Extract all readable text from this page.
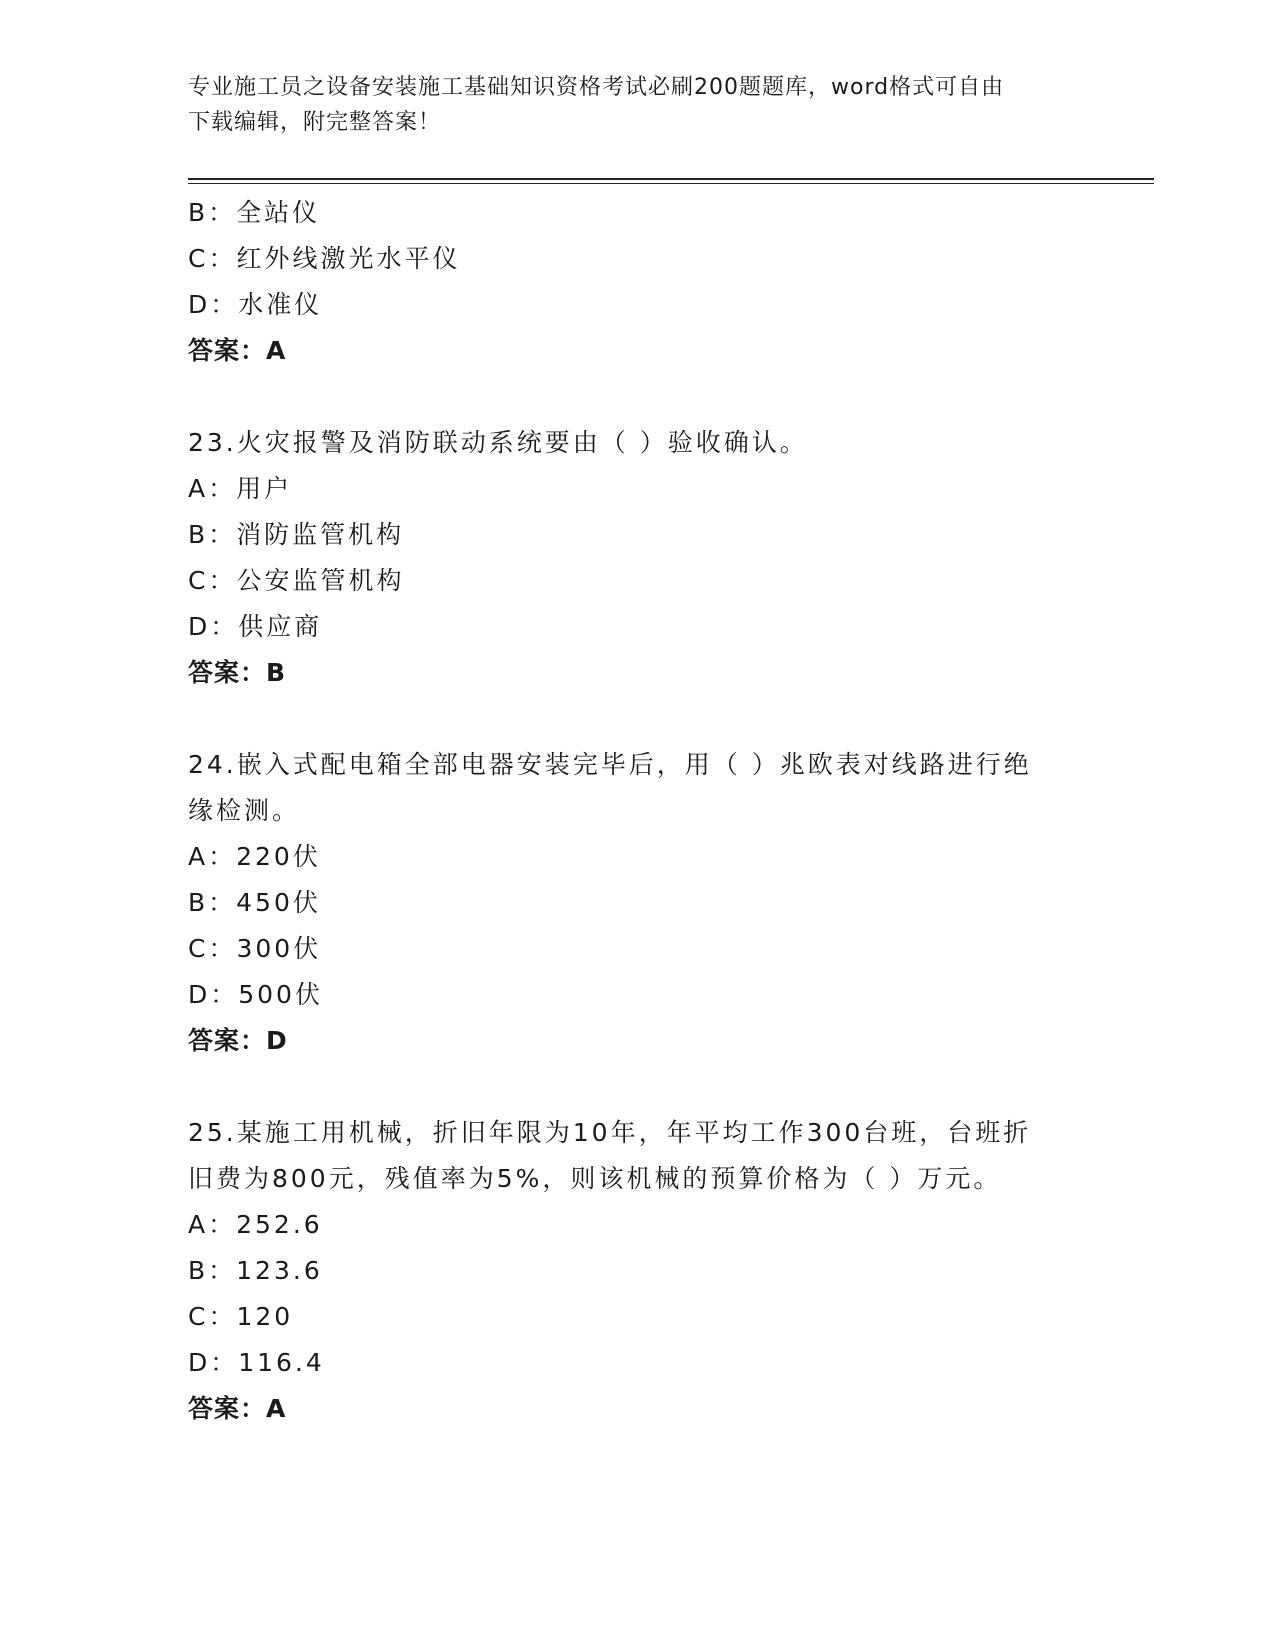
专业施工员之设备安装施工基础知识资格考试必刷200题题库，word格式可自由
下载编辑，附完整答案！
B：全站仪
C：红外线激光水平仪
D：水准仪
答案：A
23.火灾报警及消防联动系统要由（ ）验收确认。
A：用户
B：消防监管机构
C：公安监管机构
D：供应商
答案：B
24.嵌入式配电箱全部电器安装完毕后，用（ ）兆欧表对线路进行绝
缘检测。
A：220伏
B：450伏
C：300伏
D：500伏
答案：D
25.某施工用机械，折旧年限为10年，年平均工作300台班，台班折
旧费为800元，残值率为5%，则该机械的预算价格为（ ）万元。
A：252.6
B：123.6
C：120
D：116.4
答案：A
